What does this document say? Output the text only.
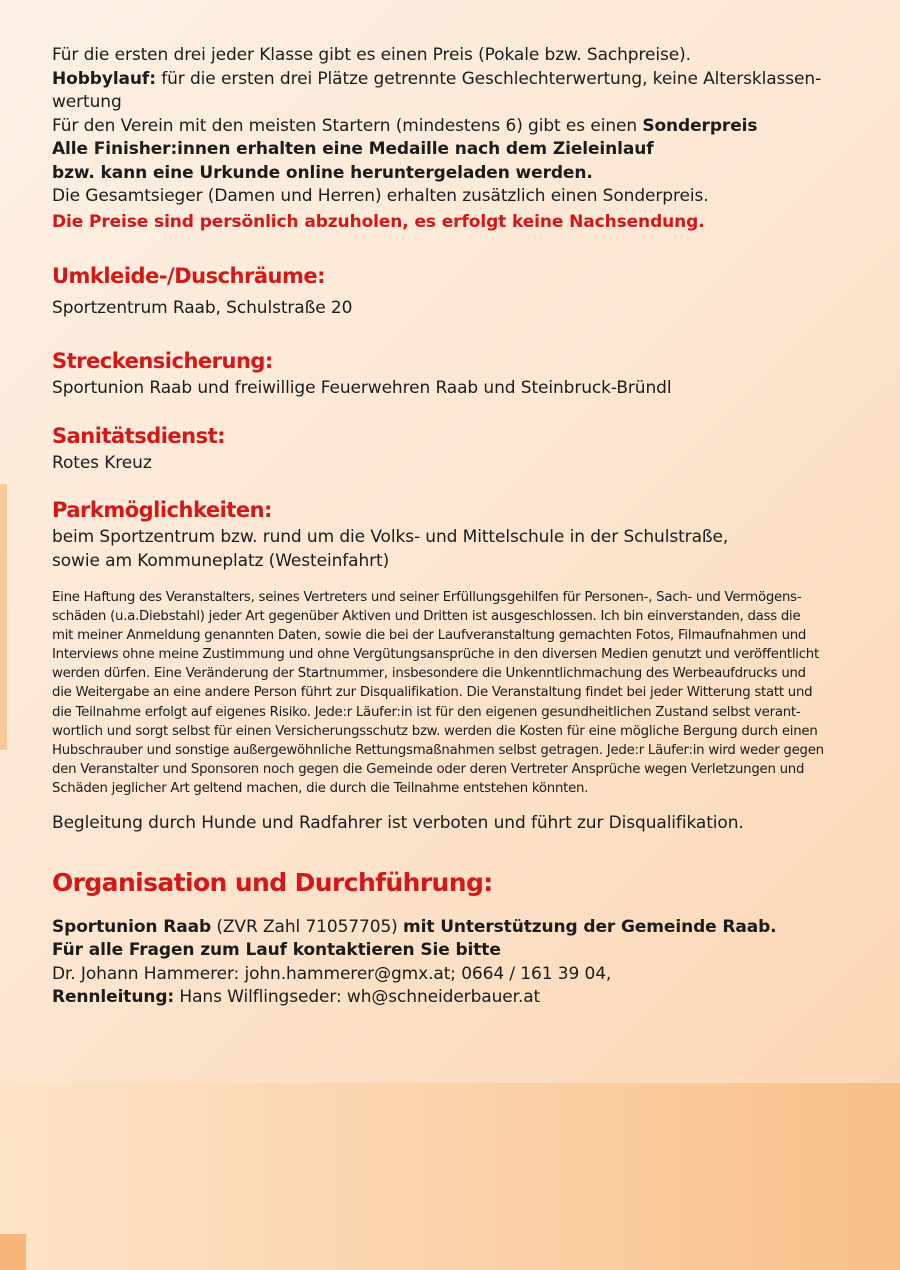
Für die ersten drei jeder Klasse gibt es einen Preis (Pokale bzw. Sachpreise).

Hobbylauf: für die ersten drei Plätze getrennte Geschlechterwertung, keine Altersklassen-

wertung

Für den Verein mit den meisten Startern (mindestens 6) gibt es einen Sonderpreis

Alle Finisher:innen erhalten eine Medaille nach dem Zieleinlauf

bzw. kann eine Urkunde online heruntergeladen werden.

Die Gesamtsieger (Damen und Herren) erhalten zusätzlich einen Sonderpreis.

Die Preise sind persönlich abzuholen, es erfolgt keine Nachsendung.

Umkleide-/Duschräume:

Sportzentrum Raab, Schulstraße 20

Streckensicherung:

Sportunion Raab und freiwillige Feuerwehren Raab und Steinbruck-Bründl

Sanitätsdienst:

Rotes Kreuz

Parkmöglichkeiten:

beim Sportzentrum bzw. rund um die Volks- und Mittelschule in der Schulstraße,

sowie am Kommuneplatz (Westeinfahrt)

Eine Haftung des Veranstalters, seines Vertreters und seiner Erfüllungsgehilfen für Personen-, Sach- und Vermögens-
schäden (u.a.Diebstahl) jeder Art gegenüber Aktiven und Dritten ist ausgeschlossen. Ich bin einverstanden, dass die
mit meiner Anmeldung genannten Daten, sowie die bei der Laufveranstaltung gemachten Fotos, Filmaufnahmen und
Interviews ohne meine Zustimmung und ohne Vergütungsansprüche in den diversen Medien genutzt und veröffentlicht
werden dürfen. Eine Veränderung der Startnummer, insbesondere die Unkenntlichmachung des Werbeaufdrucks und
die Weitergabe an eine andere Person führt zur Disqualifikation. Die Veranstaltung findet bei jeder Witterung statt und
die Teilnahme erfolgt auf eigenes Risiko. Jede:r Läufer:in ist für den eigenen gesundheitlichen Zustand selbst verant-
wortlich und sorgt selbst für einen Versicherungsschutz bzw. werden die Kosten für eine mögliche Bergung durch einen
Hubschrauber und sonstige außergewöhnliche Rettungsmaßnahmen selbst getragen. Jede:r Läufer:in wird weder gegen
den Veranstalter und Sponsoren noch gegen die Gemeinde oder deren Vertreter Ansprüche wegen Verletzungen und
Schäden jeglicher Art geltend machen, die durch die Teilnahme entstehen könnten.

Begleitung durch Hunde und Radfahrer ist verboten und führt zur Disqualifikation.

Organisation und Durchführung:

Sportunion Raab (ZVR Zahl 71057705) mit Unterstützung der Gemeinde Raab.

Für alle Fragen zum Lauf kontaktieren Sie bitte

Dr. Johann Hammerer: john.hammerer@gmx.at; 0664 / 161 39 04,

Rennleitung: Hans Wilflingseder: wh@schneiderbauer.at
